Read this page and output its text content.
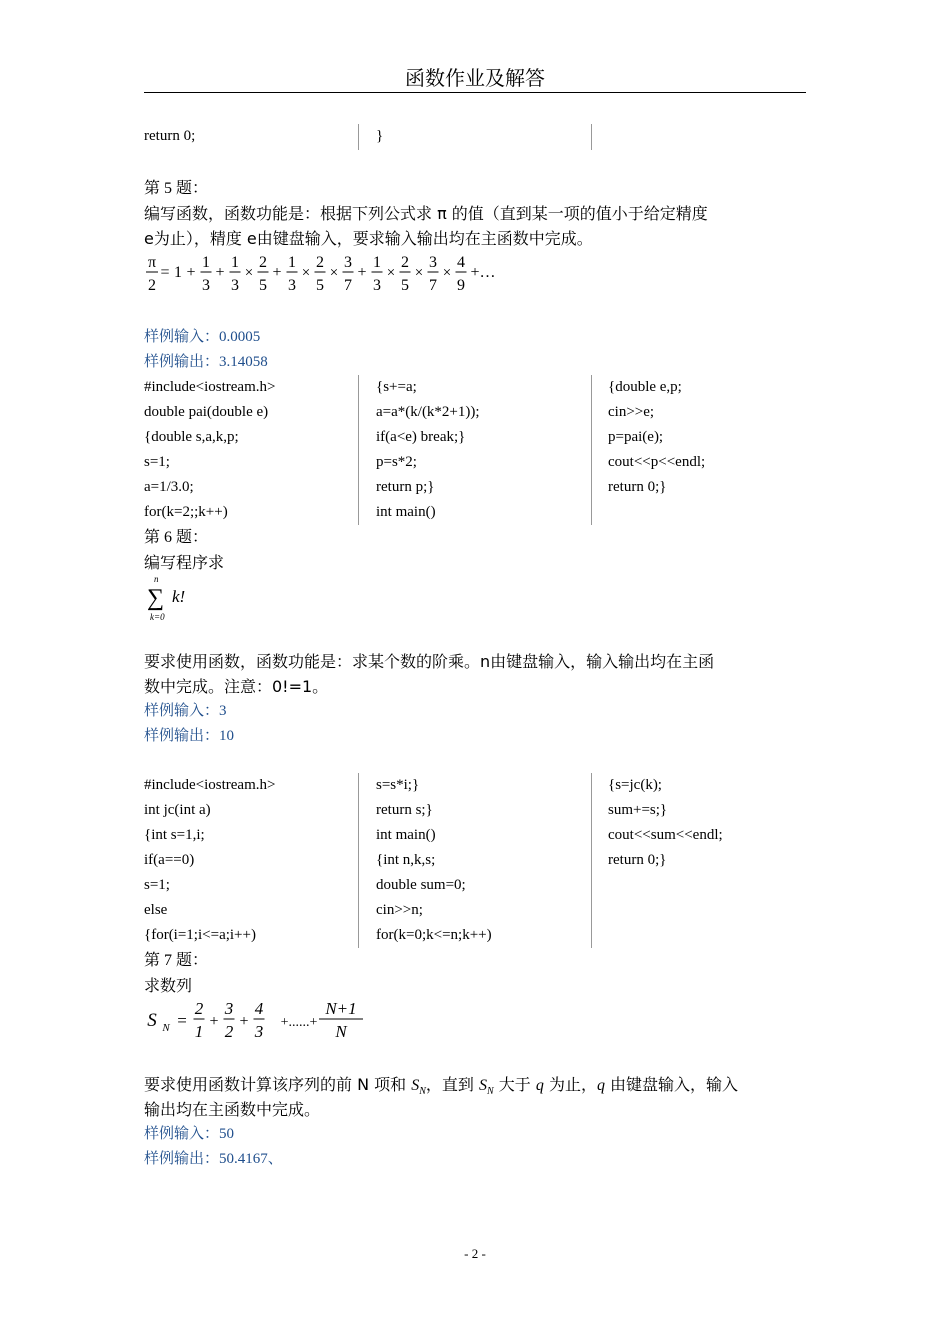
函数作业及解答
return 0;	}
第 5 题：
编写函数，函数功能是：根据下列公式求 π 的值（直到某一项的值小于给定精度
e为止），精度 e由键盘输入，要求输入输出均在主函数中完成。
π
2
= 1 +
1
3
+
1
3
×
2
5
+
1
3
×
2
5
×
3
7
+
1
3
×
2
5
×
3
7
×
4
9
+…
样例输入：0.0005
样例输出：3.14058
#include<iostream.h>
double pai(double e)
{double s,a,k,p;
s=1;
a=1/3.0;
for(k=2;;k++)
{s+=a;
a=a*(k/(k*2+1));
if(a<e) break;}
p=s*2;
return p;}
int main()
{double e,p;
cin>>e;
p=pai(e);
cout<<p<<endl;
return 0;}
第 6 题：
编写程序求
n
∑
k=0
k!
要求使用函数，函数功能是：求某个数的阶乘。n由键盘输入，输入输出均在主函
数中完成。注意：0!=1。
样例输入：3
样例输出：10
#include<iostream.h>
int jc(int a)
{int s=1,i;
if(a==0)
s=1;
else
{for(i=1;i<=a;i++)
s=s*i;}
return s;}
int main()
{int n,k,s;
double sum=0;
cin>>n;
for(k=0;k<=n;k++)
{s=jc(k);
sum+=s;}
cout<<sum<<endl;
return 0;}
第 7 题：
求数列
S N =
2
1
+
3
2
+
4
3 +......+
N+1
N
要求使用函数计算该序列的前 N 项和 $S_N$，直到 $S_N$ 大于 q 为止，q 由键盘输入，输入
输出均在主函数中完成。
样例输入：50
样例输出：50.4167、
- 2 -
